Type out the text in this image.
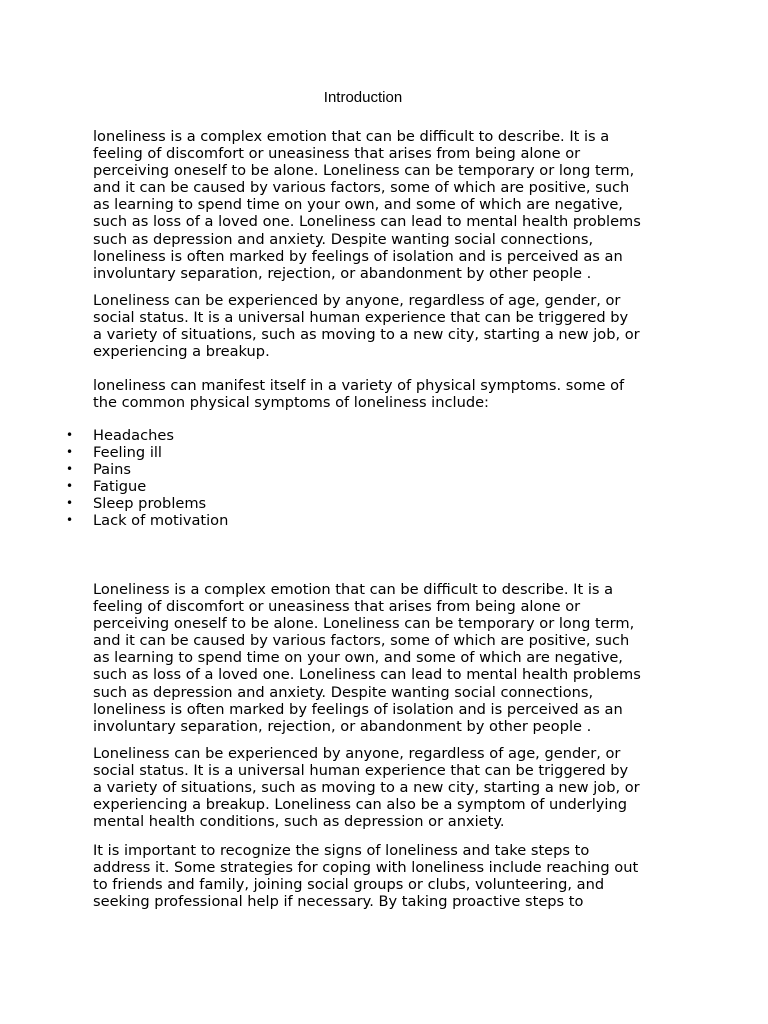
Introduction

loneliness is a complex emotion that can be difficult to describe. It is a
feeling of discomfort or uneasiness that arises from being alone or
perceiving oneself to be alone. Loneliness can be temporary or long term,
and it can be caused by various factors, some of which are positive, such
as learning to spend time on your own, and some of which are negative,
such as loss of a loved one. Loneliness can lead to mental health problems
such as depression and anxiety. Despite wanting social connections,
loneliness is often marked by feelings of isolation and is perceived as an
involuntary separation, rejection, or abandonment by other people .

Loneliness can be experienced by anyone, regardless of age, gender, or
social status. It is a universal human experience that can be triggered by
a variety of situations, such as moving to a new city, starting a new job, or
experiencing a breakup.

loneliness can manifest itself in a variety of physical symptoms. some of
the common physical symptoms of loneliness include:

• Headaches
• Feeling ill
• Pains
• Fatigue
• Sleep problems
• Lack of motivation

Loneliness is a complex emotion that can be difficult to describe. It is a
feeling of discomfort or uneasiness that arises from being alone or
perceiving oneself to be alone. Loneliness can be temporary or long term,
and it can be caused by various factors, some of which are positive, such
as learning to spend time on your own, and some of which are negative,
such as loss of a loved one. Loneliness can lead to mental health problems
such as depression and anxiety. Despite wanting social connections,
loneliness is often marked by feelings of isolation and is perceived as an
involuntary separation, rejection, or abandonment by other people .

Loneliness can be experienced by anyone, regardless of age, gender, or
social status. It is a universal human experience that can be triggered by
a variety of situations, such as moving to a new city, starting a new job, or
experiencing a breakup. Loneliness can also be a symptom of underlying
mental health conditions, such as depression or anxiety.

It is important to recognize the signs of loneliness and take steps to
address it. Some strategies for coping with loneliness include reaching out
to friends and family, joining social groups or clubs, volunteering, and
seeking professional help if necessary. By taking proactive steps to
